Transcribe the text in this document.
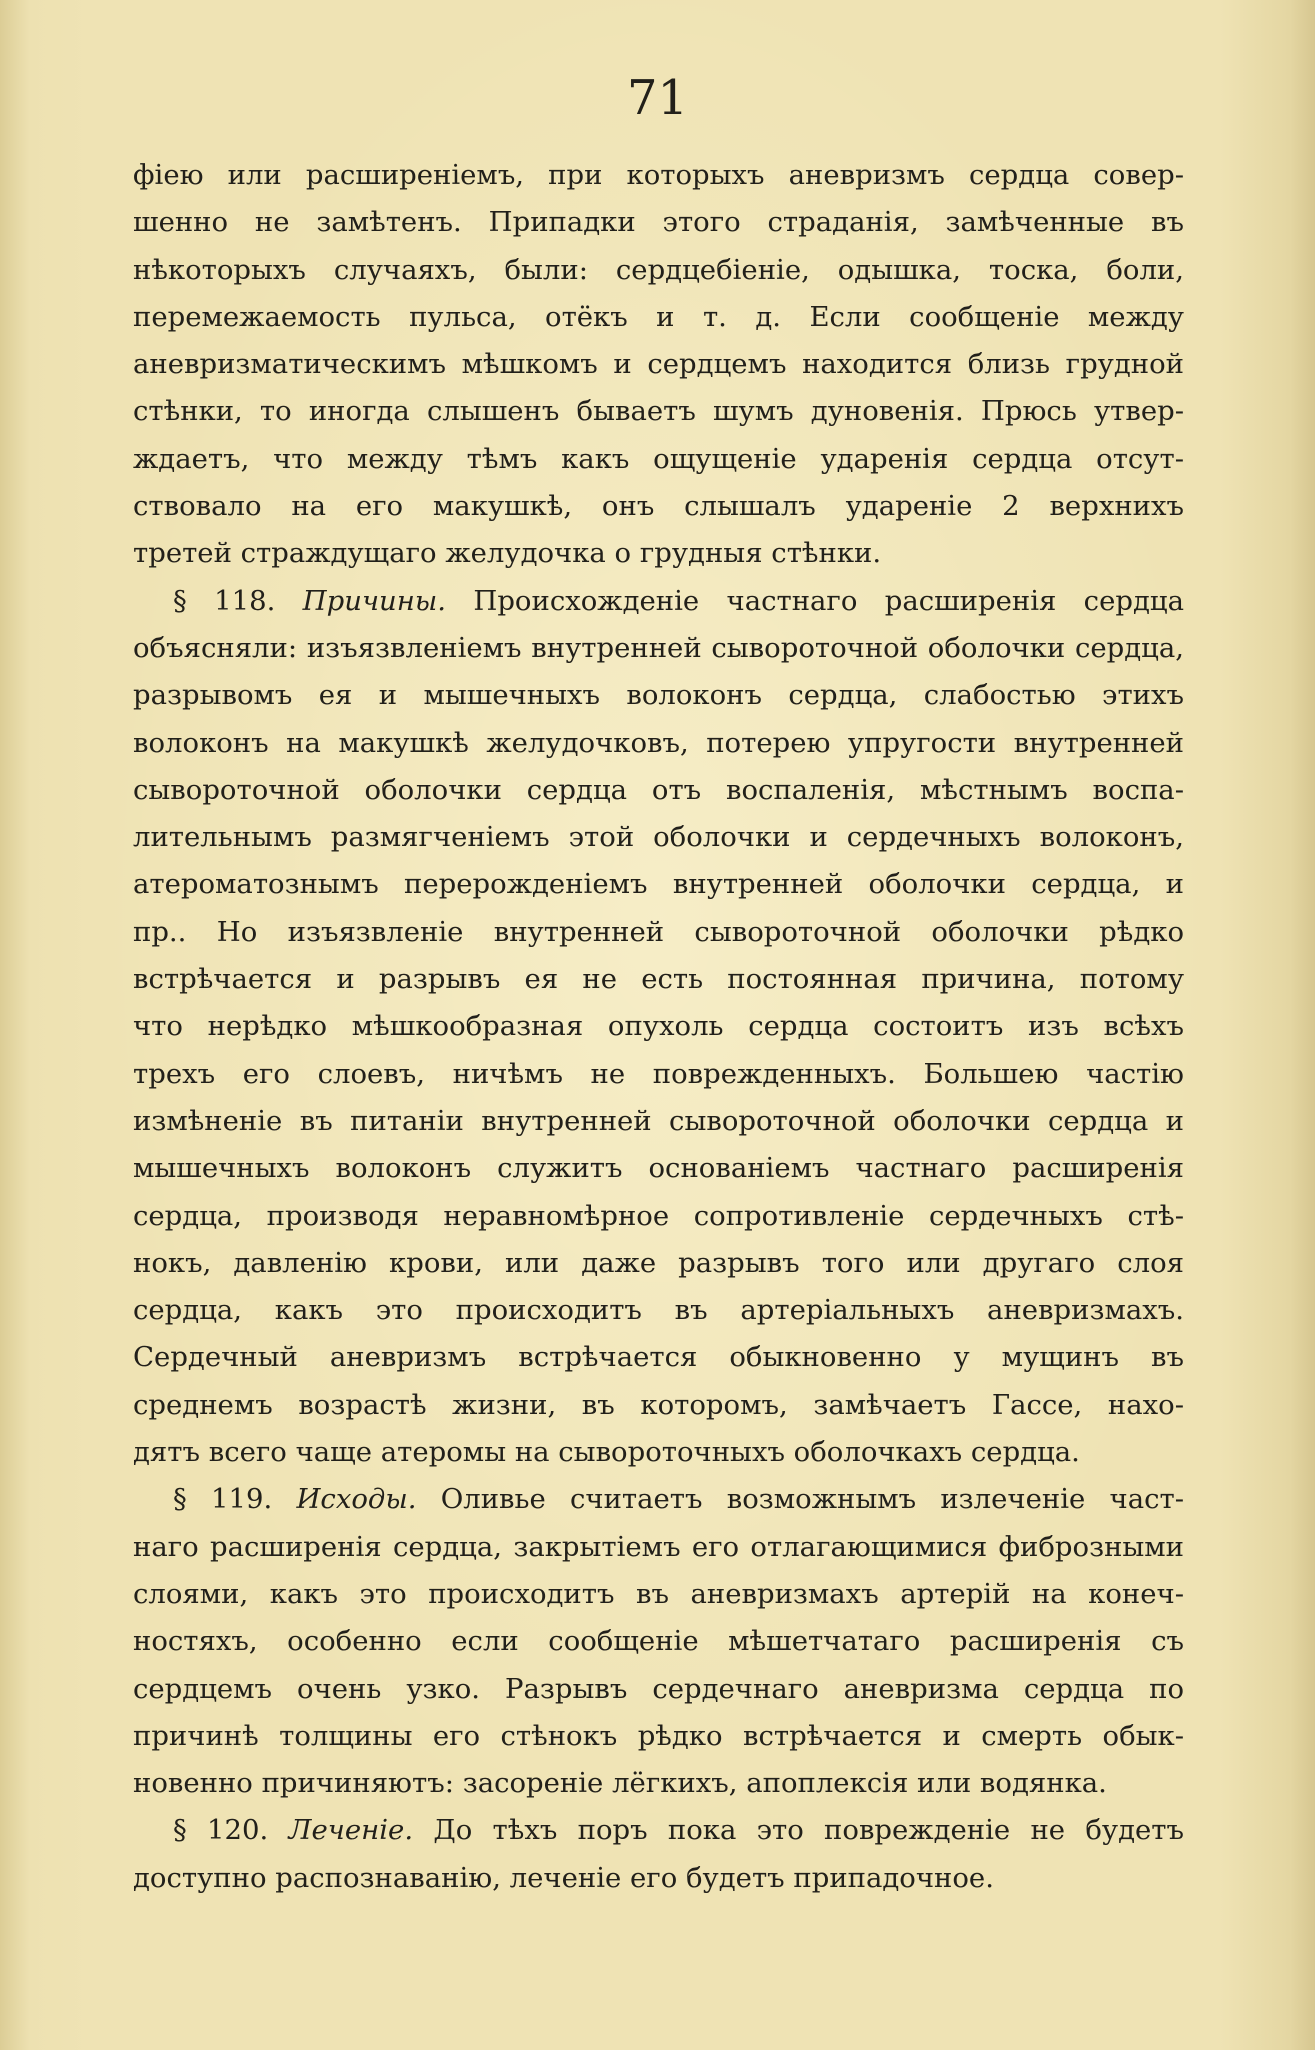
71
фiею или расширенiемъ, при которыхъ аневризмъ сердца совер-
шенно не замѣтенъ. Припадки этого страданiя, замѣченные въ
нѣкоторыхъ случаяхъ, были: сердцебiенiе, одышка, тоска, боли,
перемежаемость пульса, отёкъ и т. д. Если сообщенiе между
аневризматическимъ мѣшкомъ и сердцемъ находится близь грудной
стѣнки, то иногда слышенъ бываетъ шумъ дуновенiя. Прюсь утвер-
ждаетъ, что между тѣмъ какъ ощущенiе ударенiя сердца отсут-
ствовало на его макушкѣ, онъ слышалъ ударенiе 2 верхнихъ
третей страждущаго желудочка о грудныя стѣнки.
§ 118. Причины. Происхожденiе частнаго расширенiя сердца
объясняли: изъязвленiемъ внутренней сывороточной оболочки сердца,
разрывомъ ея и мышечныхъ волоконъ сердца, слабостью этихъ
волоконъ на макушкѣ желудочковъ, потерею упругости внутренней
сывороточной оболочки сердца отъ воспаленiя, мѣстнымъ воспа-
лительнымъ размягченiемъ этой оболочки и сердечныхъ волоконъ,
атероматознымъ перерожденiемъ внутренней оболочки сердца, и
пр.. Но изъязвленiе внутренней сывороточной оболочки рѣдко
встрѣчается и разрывъ ея не есть постоянная причина, потому
что нерѣдко мѣшкообразная опухоль сердца состоитъ изъ всѣхъ
трехъ его слоевъ, ничѣмъ не поврежденныхъ. Большею частiю
измѣненiе въ питанiи внутренней сывороточной оболочки сердца и
мышечныхъ волоконъ служитъ основанiемъ частнаго расширенiя
сердца, производя неравномѣрное сопротивленiе сердечныхъ стѣ-
нокъ, давленiю крови, или даже разрывъ того или другаго слоя
сердца, какъ это происходитъ въ артерiальныхъ аневризмахъ.
Сердечный аневризмъ встрѣчается обыкновенно у мущинъ въ
среднемъ возрастѣ жизни, въ которомъ, замѣчаетъ Гассе, нахо-
дятъ всего чаще атеромы на сывороточныхъ оболочкахъ сердца.
§ 119. Исходы. Оливье считаетъ возможнымъ излеченiе част-
наго расширенiя сердца, закрытiемъ его отлагающимися фиброзными
слоями, какъ это происходитъ въ аневризмахъ артерiй на конеч-
ностяхъ, особенно если сообщенiе мѣшетчатаго расширенiя съ
сердцемъ очень узко. Разрывъ сердечнаго аневризма сердца по
причинѣ толщины его стѣнокъ рѣдко встрѣчается и смерть обык-
новенно причиняютъ: засоренiе лёгкихъ, апоплексiя или водянка.
§ 120. Леченiе. До тѣхъ поръ пока это поврежденiе не будетъ
доступно распознаванiю, леченiе его будетъ припадочное.
